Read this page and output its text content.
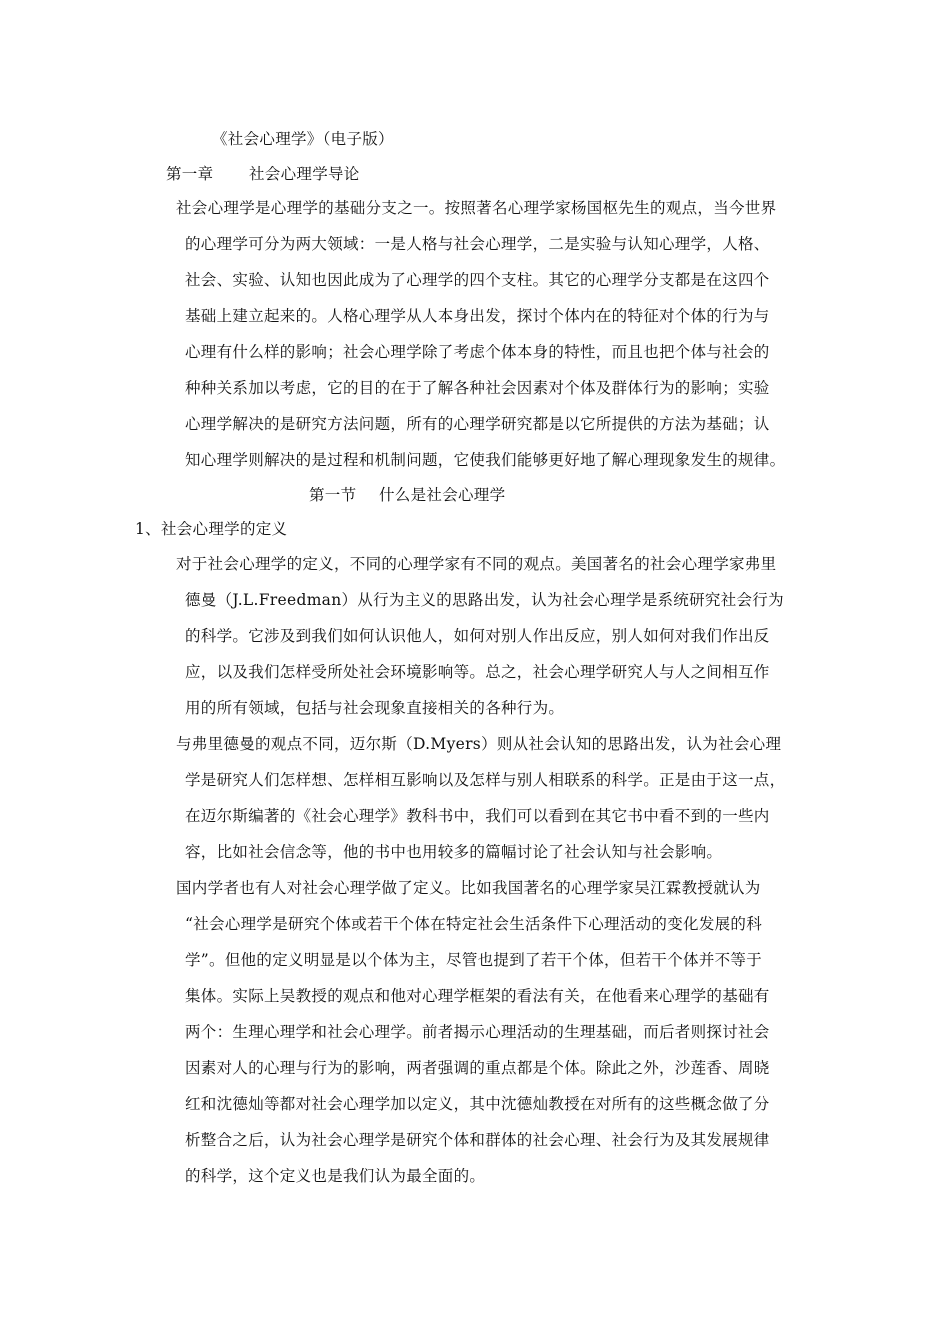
《社会心理学》（电子版）
第一章 社会心理学导论
社会心理学是心理学的基础分支之一。按照著名心理学家杨国枢先生的观点，当今世界
的心理学可分为两大领域：一是人格与社会心理学，二是实验与认知心理学，人格、
社会、实验、认知也因此成为了心理学的四个支柱。其它的心理学分支都是在这四个
基础上建立起来的。人格心理学从人本身出发，探讨个体内在的特征对个体的行为与
心理有什么样的影响；社会心理学除了考虑个体本身的特性，而且也把个体与社会的
种种关系加以考虑，它的目的在于了解各种社会因素对个体及群体行为的影响；实验
心理学解决的是研究方法问题，所有的心理学研究都是以它所提供的方法为基础；认
知心理学则解决的是过程和机制问题，它使我们能够更好地了解心理现象发生的规律。
第一节 什么是社会心理学
1、社会心理学的定义
对于社会心理学的定义，不同的心理学家有不同的观点。美国著名的社会心理学家弗里
德曼（J.L.Freedman）从行为主义的思路出发，认为社会心理学是系统研究社会行为
的科学。它涉及到我们如何认识他人，如何对别人作出反应，别人如何对我们作出反
应，以及我们怎样受所处社会环境影响等。总之，社会心理学研究人与人之间相互作
用的所有领域，包括与社会现象直接相关的各种行为。
与弗里德曼的观点不同，迈尔斯（D.Myers）则从社会认知的思路出发，认为社会心理
学是研究人们怎样想、怎样相互影响以及怎样与别人相联系的科学。正是由于这一点，
在迈尔斯编著的《社会心理学》教科书中，我们可以看到在其它书中看不到的一些内
容，比如社会信念等，他的书中也用较多的篇幅讨论了社会认知与社会影响。
国内学者也有人对社会心理学做了定义。比如我国著名的心理学家吴江霖教授就认为
“社会心理学是研究个体或若干个体在特定社会生活条件下心理活动的变化发展的科
学”。但他的定义明显是以个体为主，尽管也提到了若干个体，但若干个体并不等于
集体。实际上吴教授的观点和他对心理学框架的看法有关，在他看来心理学的基础有
两个：生理心理学和社会心理学。前者揭示心理活动的生理基础，而后者则探讨社会
因素对人的心理与行为的影响，两者强调的重点都是个体。除此之外，沙莲香、周晓
红和沈德灿等都对社会心理学加以定义，其中沈德灿教授在对所有的这些概念做了分
析整合之后，认为社会心理学是研究个体和群体的社会心理、社会行为及其发展规律
的科学，这个定义也是我们认为最全面的。
